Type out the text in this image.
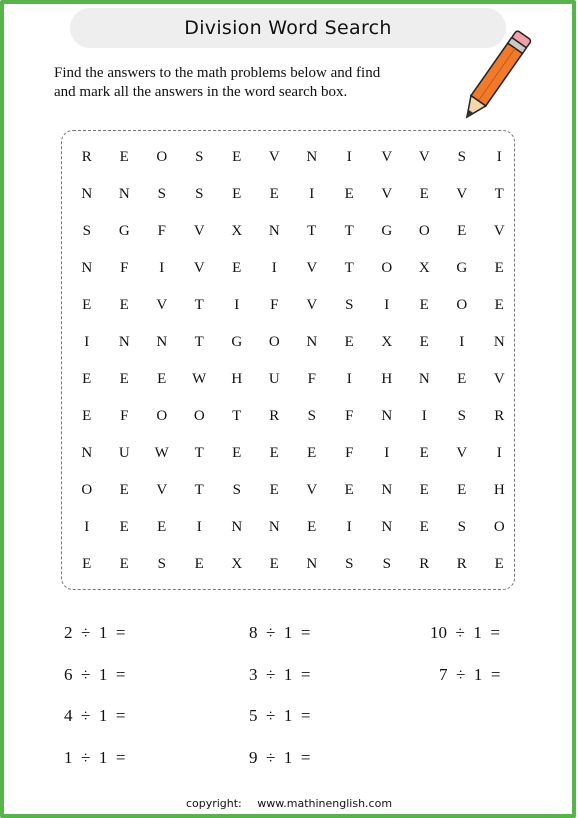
Division Word Search
Find the answers to the math problems below and find
and mark all the answers in the word search box.
R	E	O	S	E	V	N	I	V	V	S	I
N	N	S	S	E	E	I	E	V	E	V	T
S	G	F	V	X	N	T	T	G	O	E	V
N	F	I	V	E	I	V	T	O	X	G	E
E	E	V	T	I	F	V	S	I	E	O	E
I	N	N	T	G	O	N	E	X	E	I	N
E	E	E	W	H	U	F	I	H	N	E	V
E	F	O	O	T	R	S	F	N	I	S	R
N	U	W	T	E	E	E	F	I	E	V	I
O	E	V	T	S	E	V	E	N	E	E	H
I	E	E	I	N	N	E	I	N	E	S	O
E	E	S	E	X	E	N	S	S	R	R	E
2  ÷  1  =	8  ÷  1  =	10  ÷  1  =
6  ÷  1  =	3  ÷  1  =	7  ÷  1  =
4  ÷  1  =	5  ÷  1  =
1  ÷  1  =	9  ÷  1  =
copyright: www.mathinenglish.com
